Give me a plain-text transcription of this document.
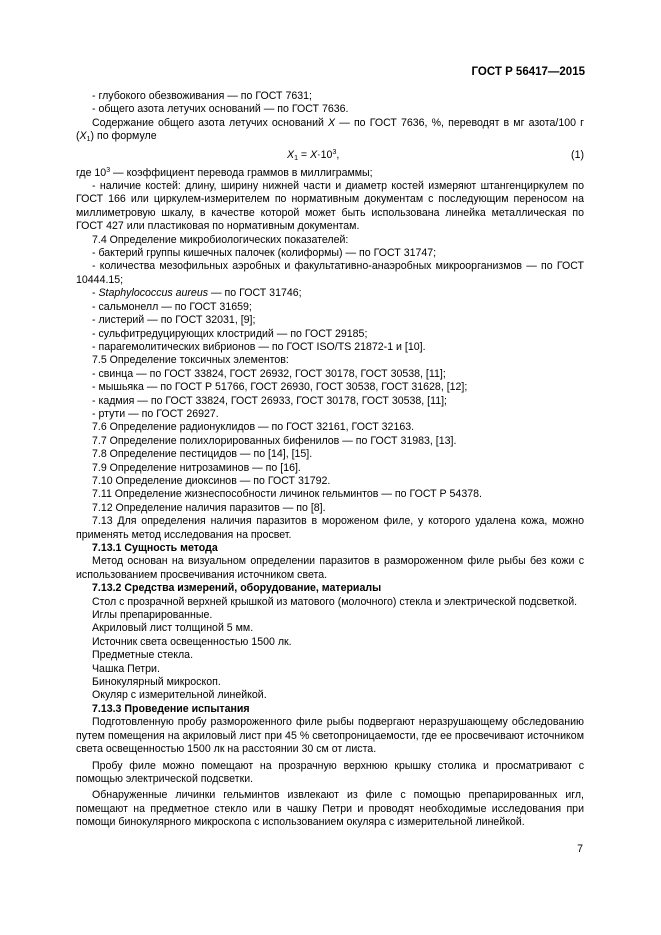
ГОСТ Р 56417—2015

- глубокого обезвоживания — по ГОСТ 7631;

- общего азота летучих оснований — по ГОСТ 7636.

Содержание общего азота летучих оснований X — по ГОСТ 7636, %, переводят в мг азота/100 г $(X_1)$ по формуле

$X_1 = X\cdot 10^3$,	(1)

где $10^3$ — коэффициент перевода граммов в миллиграммы;

- наличие костей: длину, ширину нижней части и диаметр костей измеряют штангенциркулем по ГОСТ 166 или циркулем-измерителем по нормативным документам с последующим переносом на миллиметровую шкалу, в качестве которой может быть использована линейка металлическая по ГОСТ 427 или пластиковая по нормативным документам.

7.4 Определение микробиологических показателей:

- бактерий группы кишечных палочек (колиформы) — по ГОСТ 31747;

- количества мезофильных аэробных и факультативно-анаэробных микроорганизмов — по ГОСТ 10444.15;

- Staphylococcus aureus — по ГОСТ 31746;

- сальмонелл — по ГОСТ 31659;

- листерий — по ГОСТ 32031, [9];

- сульфитредуцирующих клостридий — по ГОСТ 29185;

- парагемолитических вибрионов — по ГОСТ ISO/TS 21872-1 и [10].

7.5 Определение токсичных элементов:

- свинца — по ГОСТ 33824, ГОСТ 26932, ГОСТ 30178, ГОСТ 30538, [11];

- мышьяка — по ГОСТ Р 51766, ГОСТ 26930, ГОСТ 30538, ГОСТ 31628, [12];

- кадмия — по ГОСТ 33824, ГОСТ 26933, ГОСТ 30178, ГОСТ 30538, [11];

- ртути — по ГОСТ 26927.

7.6 Определение радионуклидов — по ГОСТ 32161, ГОСТ 32163.

7.7 Определение полихлорированных бифенилов — по ГОСТ 31983, [13].

7.8 Определение пестицидов — по [14], [15].

7.9 Определение нитрозаминов — по [16].

7.10 Определение диоксинов — по ГОСТ 31792.

7.11 Определение жизнеспособности личинок гельминтов — по ГОСТ Р 54378.

7.12 Определение наличия паразитов — по [8].

7.13 Для определения наличия паразитов в мороженом филе, у которого удалена кожа, можно применять метод исследования на просвет.

7.13.1 Сущность метода

Метод основан на визуальном определении паразитов в размороженном филе рыбы без кожи с использованием просвечивания источником света.

7.13.2 Средства измерений, оборудование, материалы

Стол с прозрачной верхней крышкой из матового (молочного) стекла и электрической подсветкой.

Иглы препарированные.

Акриловый лист толщиной 5 мм.

Источник света освещенностью 1500 лк.

Предметные стекла.

Чашка Петри.

Бинокулярный микроскоп.

Окуляр с измерительной линейкой.

7.13.3 Проведение испытания

Подготовленную пробу размороженного филе рыбы подвергают неразрушающему обследованию путем помещения на акриловый лист при 45 % светопроницаемости, где ее просвечивают источником света освещенностью 1500 лк на расстоянии 30 см от листа.

Пробу филе можно помещают на прозрачную верхнюю крышку столика и просматривают с помощью электрической подсветки.

Обнаруженные личинки гельминтов извлекают из филе с помощью препарированных игл, помещают на предметное стекло или в чашку Петри и проводят необходимые исследования при помощи бинокулярного микроскопа с использованием окуляра с измерительной линейкой.

7
